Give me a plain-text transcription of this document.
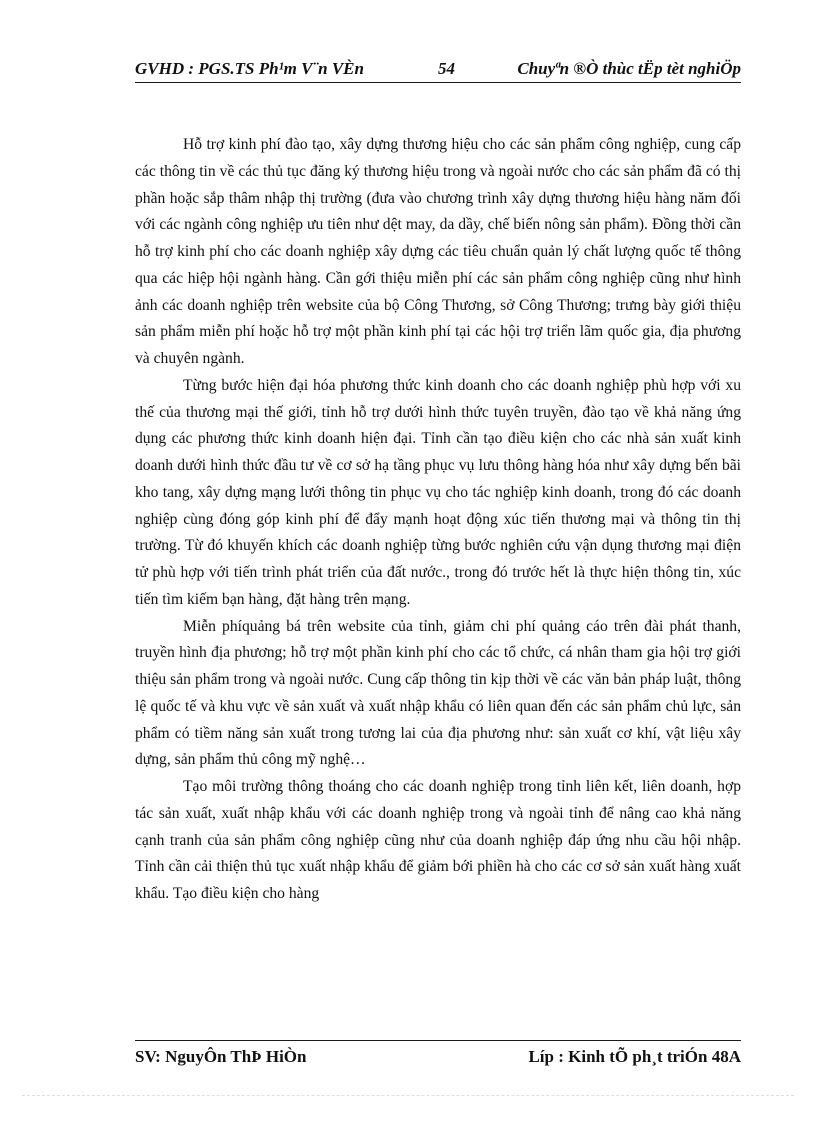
GVHD : PGS.TS Ph¹m V¨n VÈn	54	Chuyªn ®Ò thùc tËp tèt nghiÖp

Hỗ trợ kinh phí đào tạo, xây dựng thương hiệu cho các sản phẩm công nghiệp, cung cấp các thông tin về các thủ tục đăng ký thương hiệu trong và ngoài nước cho các sản phẩm đã có thị phần hoặc sắp thâm nhập thị trường (đưa vào chương trình xây dựng thương hiệu hàng năm đối với các ngành công nghiệp ưu tiên như dệt may, da dầy, chế biến nông sản phẩm). Đồng thời cần hỗ trợ kinh phí cho các doanh nghiệp xây dựng các tiêu chuẩn quản lý chất lượng quốc tế thông qua các hiệp hội ngành hàng. Cần gới thiệu miễn phí các sản phẩm công nghiệp cũng như hình ảnh các doanh nghiệp trên website của bộ Công Thương, sở Công Thương; trưng bày giới thiệu sản phẩm miễn phí hoặc hỗ trợ một phần kinh phí tại các hội trợ triển lãm quốc gia, địa phương và chuyên ngành.

Từng bước hiện đại hóa phương thức kinh doanh cho các doanh nghiệp phù hợp với xu thế của thương mại thế giới, tỉnh hỗ trợ dưới hình thức tuyên truyền, đào tạo về khả năng ứng dụng các phương thức kinh doanh hiện đại. Tỉnh cần tạo điều kiện cho các nhà sản xuất kinh doanh dưới hình thức đầu tư về cơ sở hạ tầng phục vụ lưu thông hàng hóa như xây dựng bến bãi kho tang, xây dựng mạng lưới thông tin phục vụ cho tác nghiệp kinh doanh, trong đó các doanh nghiệp cùng đóng góp kinh phí để đẩy mạnh hoạt động xúc tiến thương mại và thông tin thị trường. Từ đó khuyến khích các doanh nghiệp từng bước nghiên cứu vận dụng thương mại điện tử phù hợp với tiến trình phát triển của đất nước., trong đó trước hết là thực hiện thông tin, xúc tiến tìm kiếm bạn hàng, đặt hàng trên mạng.

Miễn phíquảng bá trên website của tỉnh, giảm chi phí quảng cáo trên đài phát thanh, truyền hình địa phương; hỗ trợ một phần kinh phí cho các tổ chức, cá nhân tham gia hội trợ giới thiệu sản phẩm trong và ngoài nước. Cung cấp thông tin kịp thời về các văn bản pháp luật, thông lệ quốc tế và khu vực về sản xuất và xuất nhập khẩu có liên quan đến các sản phẩm chủ lực, sản phẩm có tiềm năng sản xuất trong tương lai của địa phương như: sản xuất cơ khí, vật liệu xây dựng, sản phẩm thủ công mỹ nghệ…

Tạo môi trường thông thoáng cho các doanh nghiệp trong tỉnh liên kết, liên doanh, hợp tác sản xuất, xuất nhập khẩu với các doanh nghiệp trong và ngoài tỉnh để nâng cao khả năng cạnh tranh của sản phẩm công nghiệp cũng như của doanh nghiệp đáp ứng nhu cầu hội nhập. Tỉnh cần cải thiện thủ tục xuất nhập khẩu để giảm bới phiền hà cho các cơ sở sản xuất hàng xuất khẩu. Tạo điều kiện cho hàng

SV: NguyÔn ThÞ HiÒn	Líp : Kinh tÕ ph¸t triÓn 48A
